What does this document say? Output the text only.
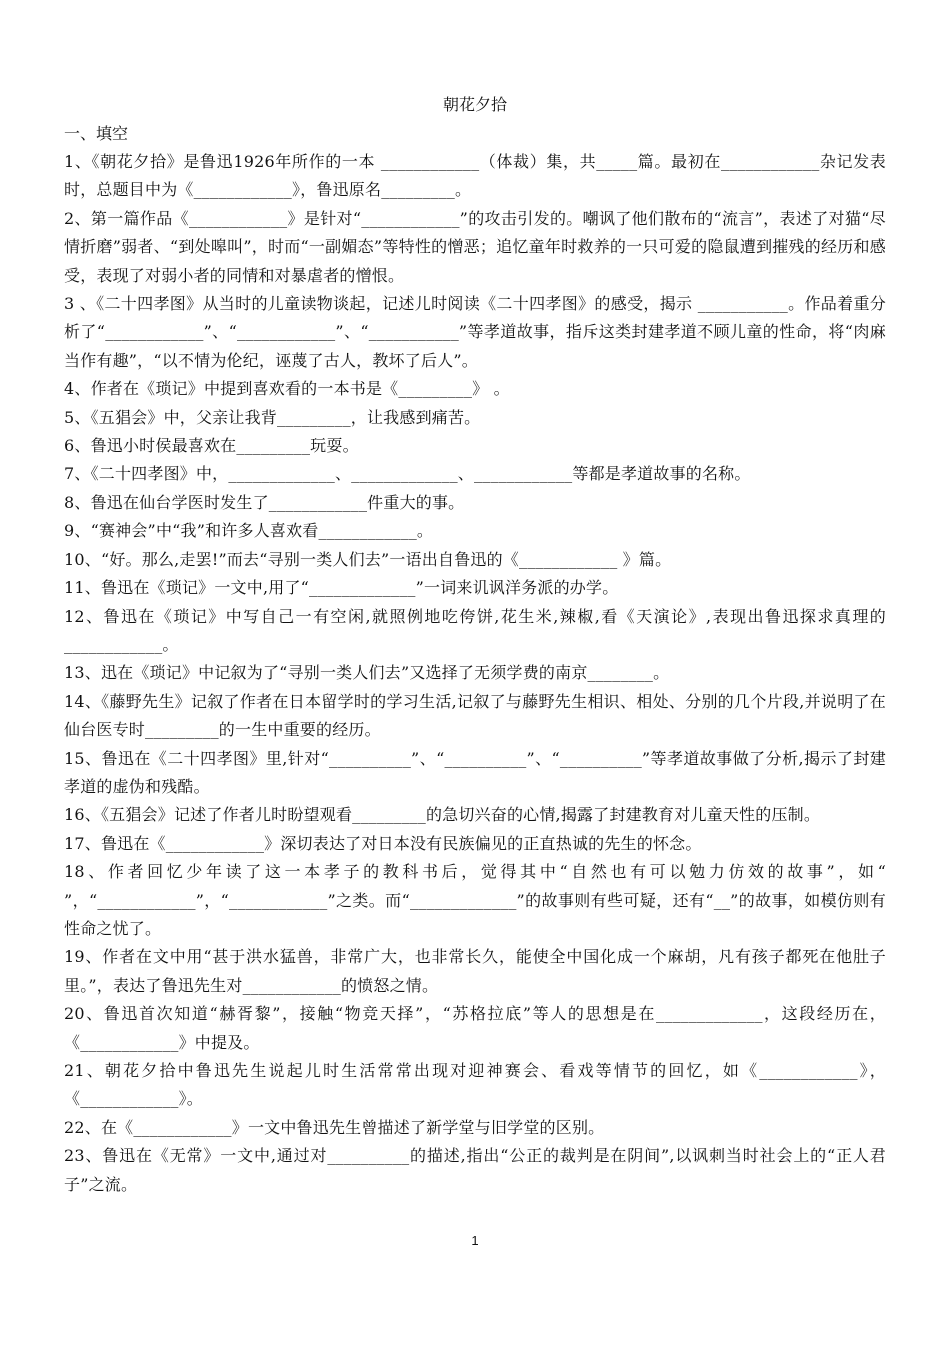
朝花夕拾
一、填空
1、《朝花夕拾》是鲁迅1926年所作的一本 ____________（体裁）集，共_____篇。最初在____________杂记发表时，总题目中为《____________》，鲁迅原名_________。
2、第一篇作品《____________》是针对“____________”的攻击引发的。嘲讽了他们散布的“流言”，表述了对猫“尽情折磨”弱者、“到处嗥叫”，时而“一副媚态”等特性的憎恶；追忆童年时救养的一只可爱的隐鼠遭到摧残的经历和感受，表现了对弱小者的同情和对暴虐者的憎恨。
3 、《二十四孝图》从当时的儿童读物谈起，记述儿时阅读《二十四孝图》的感受，揭示 ___________。作品着重分析了“____________”、“____________”、“___________”等孝道故事，指斥这类封建孝道不顾儿童的性命，将“肉麻当作有趣”，“以不情为伦纪，诬蔑了古人，教坏了后人”。
4、作者在《琐记》中提到喜欢看的一本书是《_________》 。
5、《五猖会》中，父亲让我背_________，让我感到痛苦。
6、鲁迅小时侯最喜欢在_________玩耍。
7、《二十四孝图》中，_____________、_____________、____________等都是孝道故事的名称。
8、鲁迅在仙台学医时发生了____________件重大的事。
9、“赛神会”中“我”和许多人喜欢看____________。
10、“好。那么,走罢!”而去“寻别一类人们去”一语出自鲁迅的《____________ 》篇。
11、鲁迅在《琐记》一文中,用了“_____________”一词来讥讽洋务派的办学。
12、鲁迅在《琐记》中写自己一有空闲,就照例地吃侉饼,花生米,辣椒,看《天演论》,表现出鲁迅探求真理的____________。
13、迅在《琐记》中记叙为了“寻别一类人们去”又选择了无须学费的南京________。
14、《藤野先生》记叙了作者在日本留学时的学习生活,记叙了与藤野先生相识、相处、分别的几个片段,并说明了在仙台医专时_________的一生中重要的经历。
15、鲁迅在《二十四孝图》里,针对“__________”、“__________”、“__________”等孝道故事做了分析,揭示了封建孝道的虚伪和残酷。
16、《五猖会》记述了作者儿时盼望观看_________的急切兴奋的心情,揭露了封建教育对儿童天性的压制。
17、鲁迅在《____________》深切表达了对日本没有民族偏见的正直热诚的先生的怀念。
18、作者回忆少年读了这一本孝子的教科书后，觉得其中“自然也有可以勉力仿效的故事”，如“ ”，“____________”，“____________”之类。而“_____________”的故事则有些可疑，还有“__”的故事，如模仿则有性命之忧了。
19、作者在文中用“甚于洪水猛兽，非常广大，也非常长久，能使全中国化成一个麻胡，凡有孩子都死在他肚子里。”，表达了鲁迅先生对____________的愤怒之情。
20、鲁迅首次知道“赫胥黎”，接触“物竞天择”，“苏格拉底”等人的思想是在_____________，这段经历在，《____________》中提及。
21、朝花夕拾中鲁迅先生说起儿时生活常常出现对迎神赛会、看戏等情节的回忆，如《____________》，《____________》。
22、在《____________》一文中鲁迅先生曾描述了新学堂与旧学堂的区别。
23、鲁迅在《无常》一文中,通过对__________的描述,指出“公正的裁判是在阴间”,以讽刺当时社会上的“正人君子”之流。
1
